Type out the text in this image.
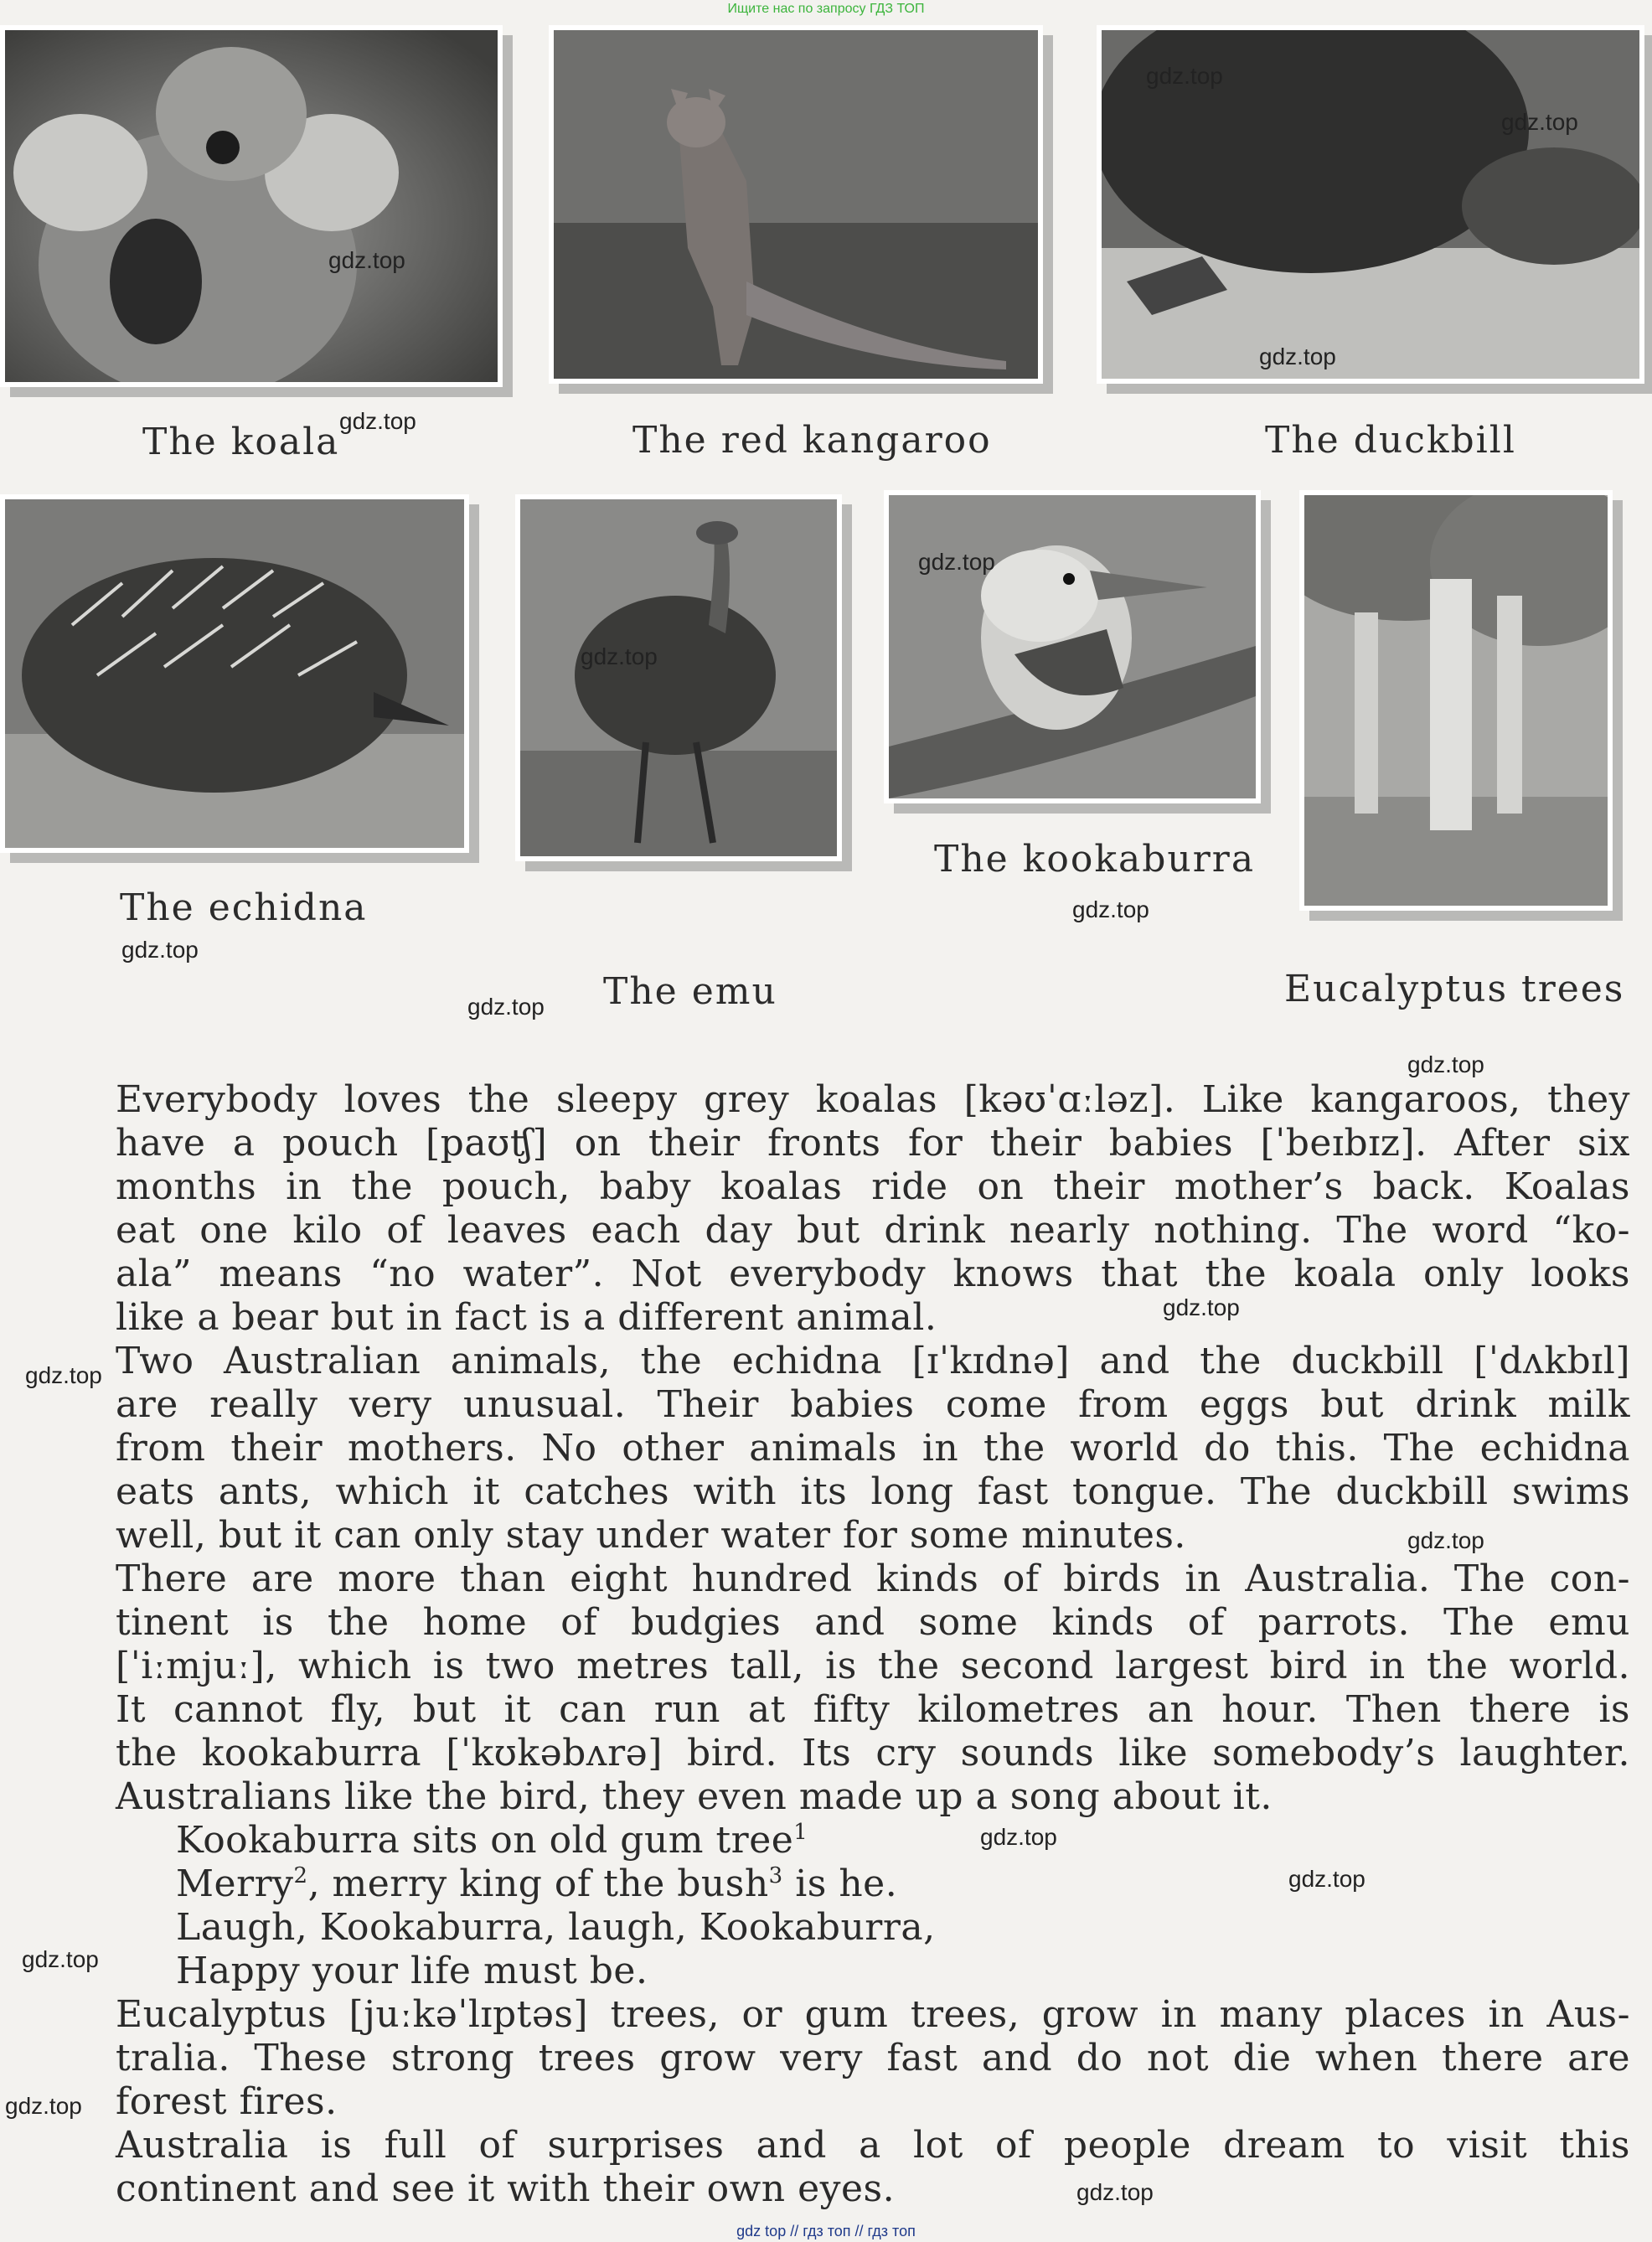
Ищите нас по запросу ГДЗ ТОП
The koala	The red kangaroo	The duckbill
The echidna
The kookaburra
The emu	Eucalyptus trees
gdz.top
gdz.top
gdz.top
gdz.top
gdz.top
gdz.top
gdz.top
gdz.top
gdz.top
gdz.top
gdz.top
gdz.top
gdz.top
gdz.top
gdz.top
gdz.top
gdz.top
gdz.top
gdz.top
Everybody loves the sleepy grey koalas [kəʊˈɑːləz]. Like kangaroos, they
have a pouch [paʊʧ] on their fronts for their babies [ˈbeɪbɪz]. After six
months in the pouch, baby koalas ride on their mother’s back. Koalas
eat one kilo of leaves each day but drink nearly nothing. The word “ko-
ala” means “no water”. Not everybody knows that the koala only looks
like a bear but in fact is a different animal.
Two Australian animals, the echidna [ɪˈkɪdnə] and the duckbill [ˈdʌkbɪl]
are really very unusual. Their babies come from eggs but drink milk
from their mothers. No other animals in the world do this. The echidna
eats ants, which it catches with its long fast tongue. The duckbill swims
well, but it can only stay under water for some minutes.
There are more than eight hundred kinds of birds in Australia. The con-
tinent is the home of budgies and some kinds of parrots. The emu
[ˈiːmjuː], which is two metres tall, is the second largest bird in the world.
It cannot fly, but it can run at fifty kilometres an hour. Then there is
the kookaburra [ˈkʊkəbʌrə] bird. Its cry sounds like somebody’s laughter.
Australians like the bird, they even made up a song about it.
Kookaburra sits on old gum tree$^1$
Merry$^2$, merry king of the bush$^3$ is he.
Laugh, Kookaburra, laugh, Kookaburra,
Happy your life must be.
Eucalyptus [juːkəˈlɪptəs] trees, or gum trees, grow in many places in Aus-
tralia. These strong trees grow very fast and do not die when there are
forest fires.
Australia is full of surprises and a lot of people dream to visit this
continent and see it with their own eyes.
gdz top // гдз топ // гдз топ
